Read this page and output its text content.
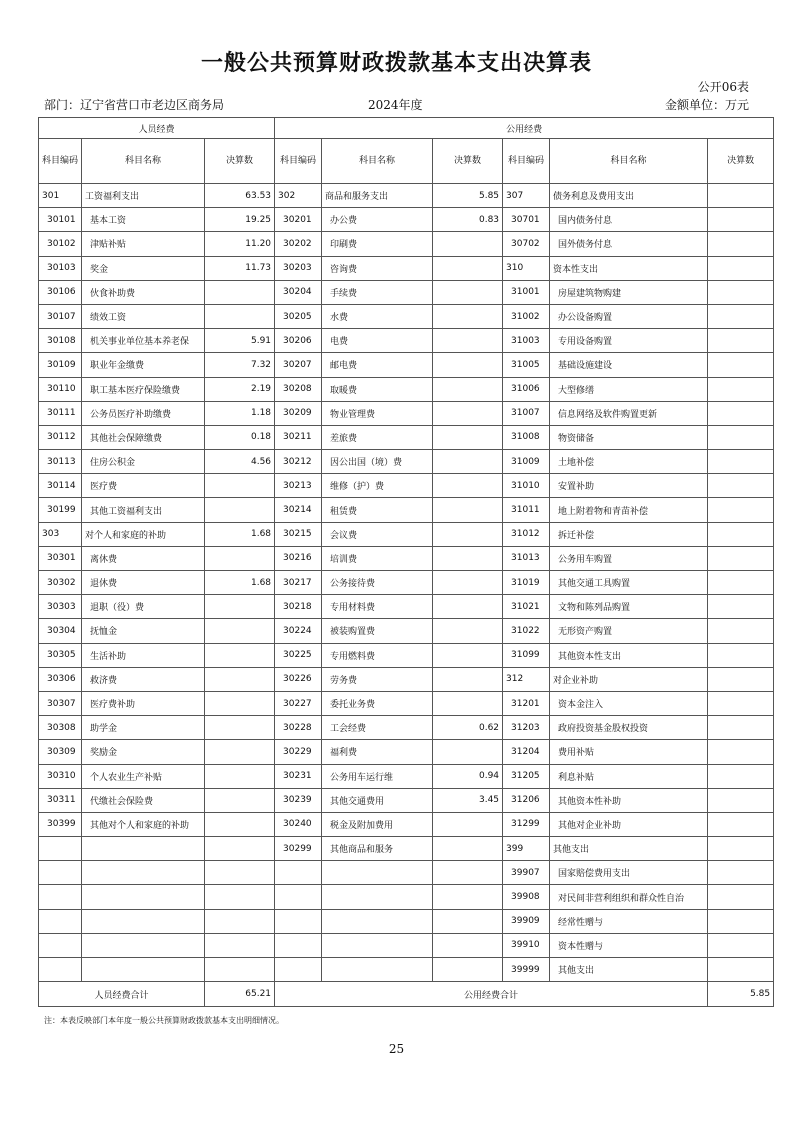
一般公共预算财政拨款基本支出决算表
公开06表
部门：辽宁省营口市老边区商务局	2024年度	金额单位：万元
人员经费			公用经费					
科目编码	科目名称	决算数	科目编码	科目名称	决算数	科目编码	科目名称	决算数
301	工资福利支出	63.53	302	商品和服务支出	5.85	307	债务利息及费用支出	
30101	基本工资	19.25	30201	办公费	0.83	30701	国内债务付息	
30102	津贴补贴	11.20	30202	印刷费		30702	国外债务付息	
30103	奖金	11.73	30203	咨询费		310	资本性支出	
30106	伙食补助费		30204	手续费		31001	房屋建筑物购建	
30107	绩效工资		30205	水费		31002	办公设备购置	
30108	机关事业单位基本养老保	5.91	30206	电费		31003	专用设备购置	
30109	职业年金缴费	7.32	30207	邮电费		31005	基础设施建设	
30110	职工基本医疗保险缴费	2.19	30208	取暖费		31006	大型修缮	
30111	公务员医疗补助缴费	1.18	30209	物业管理费		31007	信息网络及软件购置更新	
30112	其他社会保障缴费	0.18	30211	差旅费		31008	物资储备	
30113	住房公积金	4.56	30212	因公出国（境）费		31009	土地补偿	
30114	医疗费		30213	维修（护）费		31010	安置补助	
30199	其他工资福利支出		30214	租赁费		31011	地上附着物和青苗补偿	
303	对个人和家庭的补助	1.68	30215	会议费		31012	拆迁补偿	
30301	离休费		30216	培训费		31013	公务用车购置	
30302	退休费	1.68	30217	公务接待费		31019	其他交通工具购置	
30303	退职（役）费		30218	专用材料费		31021	文物和陈列品购置	
30304	抚恤金		30224	被装购置费		31022	无形资产购置	
30305	生活补助		30225	专用燃料费		31099	其他资本性支出	
30306	救济费		30226	劳务费		312	对企业补助	
30307	医疗费补助		30227	委托业务费		31201	资本金注入	
30308	助学金		30228	工会经费	0.62	31203	政府投资基金股权投资	
30309	奖励金		30229	福利费		31204	费用补贴	
30310	个人农业生产补贴		30231	公务用车运行维	0.94	31205	利息补贴	
30311	代缴社会保险费		30239	其他交通费用	3.45	31206	其他资本性补助	
30399	其他对个人和家庭的补助		30240	税金及附加费用		31299	其他对企业补助	
			30299	其他商品和服务		399	其他支出	
						39907	国家赔偿费用支出	
						39908	对民间非营利组织和群众性自治	
						39909	经常性赠与	
						39910	资本性赠与	
						39999	其他支出	
人员经费合计		65.21	公用经费合计					5.85
注：本表反映部门本年度一般公共预算财政拨款基本支出明细情况。
25
